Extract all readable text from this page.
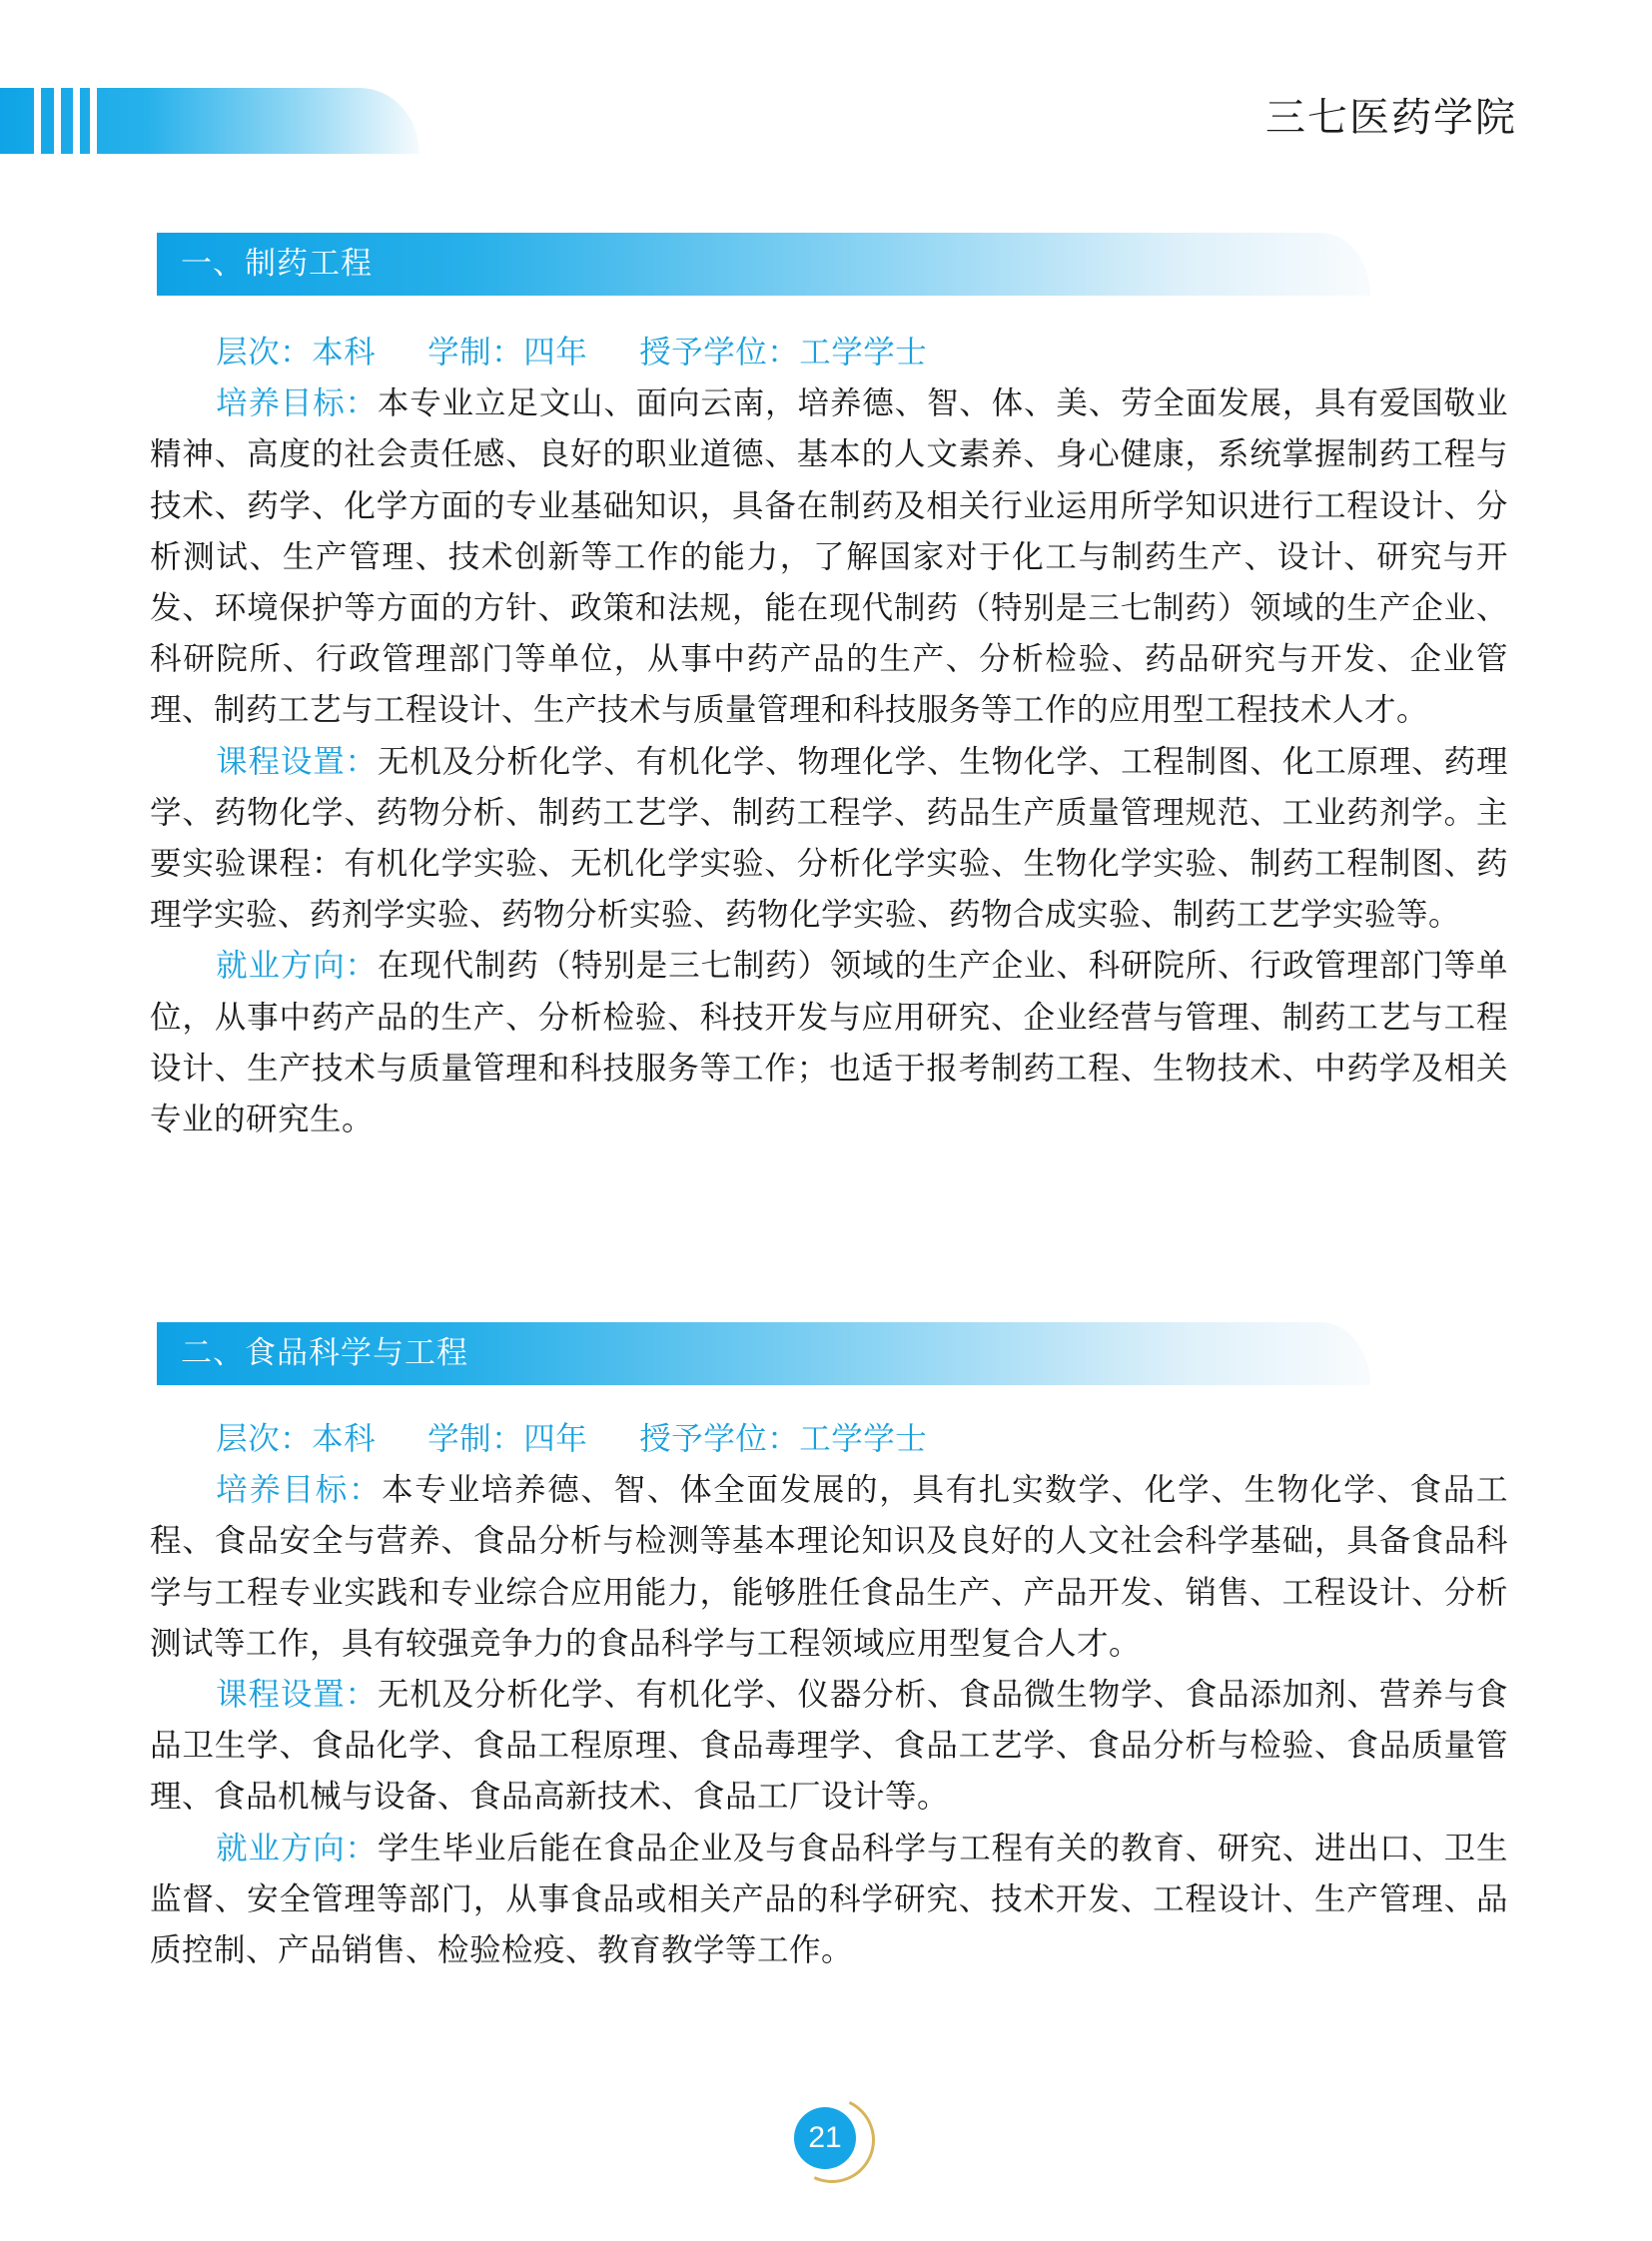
三七医药学院
一、制药工程

层次：本科 学制：四年 授予学位：工学学士

培养目标：本专业立足文山、面向云南，培养德、智、体、美、劳全面发展，具有爱国敬业精神、高度的社会责任感、良好的职业道德、基本的人文素养、身心健康，系统掌握制药工程与技术、药学、化学方面的专业基础知识，具备在制药及相关行业运用所学知识进行工程设计、分析测试、生产管理、技术创新等工作的能力，了解国家对于化工与制药生产、设计、研究与开发、环境保护等方面的方针、政策和法规，能在现代制药（特别是三七制药）领域的生产企业、科研院所、行政管理部门等单位，从事中药产品的生产、分析检验、药品研究与开发、企业管理、制药工艺与工程设计、生产技术与质量管理和科技服务等工作的应用型工程技术人才。

课程设置：无机及分析化学、有机化学、物理化学、生物化学、工程制图、化工原理、药理学、药物化学、药物分析、制药工艺学、制药工程学、药品生产质量管理规范、工业药剂学。主要实验课程：有机化学实验、无机化学实验、分析化学实验、生物化学实验、制药工程制图、药理学实验、药剂学实验、药物分析实验、药物化学实验、药物合成实验、制药工艺学实验等。

就业方向：在现代制药（特别是三七制药）领域的生产企业、科研院所、行政管理部门等单位，从事中药产品的生产、分析检验、科技开发与应用研究、企业经营与管理、制药工艺与工程设计、生产技术与质量管理和科技服务等工作；也适于报考制药工程、生物技术、中药学及相关专业的研究生。

二、食品科学与工程

层次：本科 学制：四年 授予学位：工学学士

培养目标：本专业培养德、智、体全面发展的，具有扎实数学、化学、生物化学、食品工程、食品安全与营养、食品分析与检测等基本理论知识及良好的人文社会科学基础，具备食品科学与工程专业实践和专业综合应用能力，能够胜任食品生产、产品开发、销售、工程设计、分析测试等工作，具有较强竞争力的食品科学与工程领域应用型复合人才。

课程设置：无机及分析化学、有机化学、仪器分析、食品微生物学、食品添加剂、营养与食品卫生学、食品化学、食品工程原理、食品毒理学、食品工艺学、食品分析与检验、食品质量管理、食品机械与设备、食品高新技术、食品工厂设计等。

就业方向：学生毕业后能在食品企业及与食品科学与工程有关的教育、研究、进出口、卫生监督、安全管理等部门，从事食品或相关产品的科学研究、技术开发、工程设计、生产管理、品质控制、产品销售、检验检疫、教育教学等工作。

21
